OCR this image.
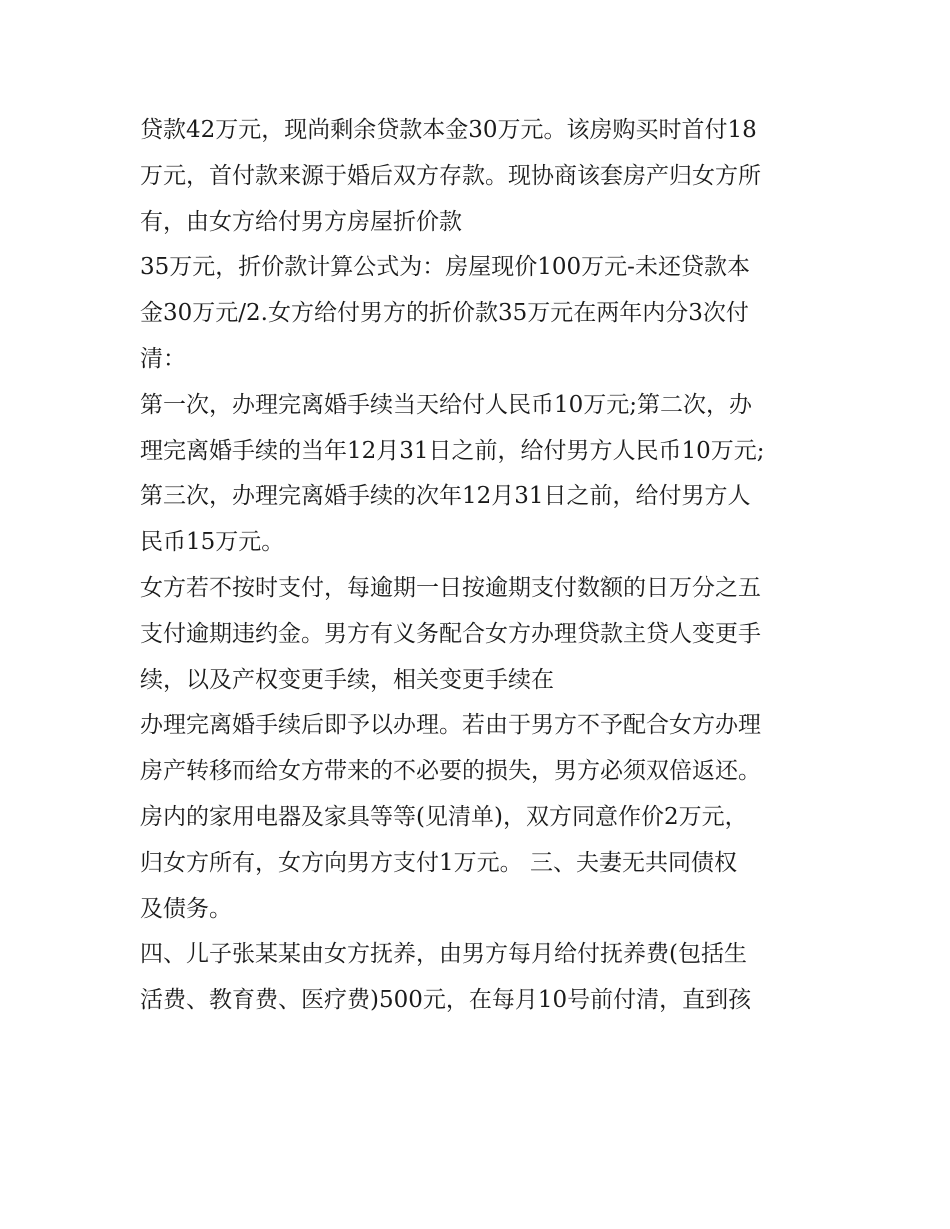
贷款42万元，现尚剩余贷款本金30万元。该房购买时首付18
万元，首付款来源于婚后双方存款。现协商该套房产归女方所
有，由女方给付男方房屋折价款
35万元，折价款计算公式为：房屋现价100万元-未还贷款本
金30万元/2.女方给付男方的折价款35万元在两年内分3次付
清：
第一次，办理完离婚手续当天给付人民币10万元;第二次，办
理完离婚手续的当年12月31日之前，给付男方人民币10万元;
第三次，办理完离婚手续的次年12月31日之前，给付男方人
民币15万元。
女方若不按时支付，每逾期一日按逾期支付数额的日万分之五
支付逾期违约金。男方有义务配合女方办理贷款主贷人变更手
续，以及产权变更手续，相关变更手续在
办理完离婚手续后即予以办理。若由于男方不予配合女方办理
房产转移而给女方带来的不必要的损失，男方必须双倍返还。
房内的家用电器及家具等等(见清单)，双方同意作价2万元，
归女方所有，女方向男方支付1万元。 三、夫妻无共同债权
及债务。
四、儿子张某某由女方抚养，由男方每月给付抚养费(包括生
活费、教育费、医疗费)500元，在每月10号前付清，直到孩
